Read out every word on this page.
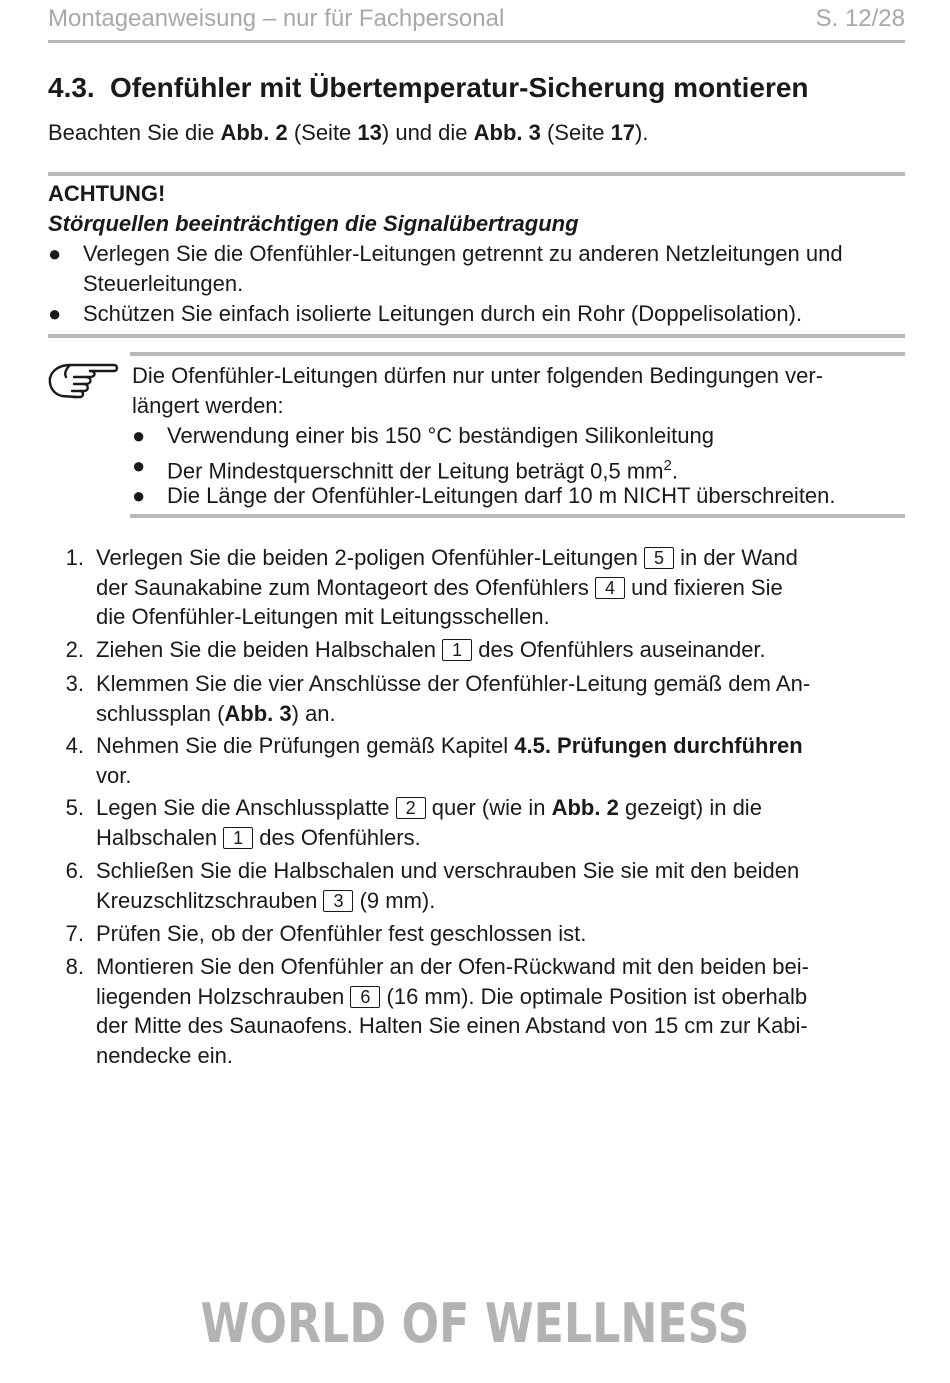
Montageanweisung – nur für Fachpersonal	S. 12/28
4.3. Ofenfühler mit Übertemperatur-Sicherung montieren
Beachten Sie die Abb. 2 (Seite 13) und die Abb. 3 (Seite 17).
ACHTUNG!
Störquellen beeinträchtigen die Signalübertragung
● Verlegen Sie die Ofenfühler-Leitungen getrennt zu anderen Netzleitungen und Steuerleitungen.
● Schützen Sie einfach isolierte Leitungen durch ein Rohr (Doppelisolation).
Die Ofenfühler-Leitungen dürfen nur unter folgenden Bedingungen ver-
längert werden:
● Verwendung einer bis 150 °C beständigen Silikonleitung
● Der Mindestquerschnitt der Leitung beträgt 0,5 $mm^2$.
● Die Länge der Ofenfühler-Leitungen darf 10 m NICHT überschreiten.
1. Verlegen Sie die beiden 2-poligen Ofenfühler-Leitungen 5 in der Wand
der Saunakabine zum Montageort des Ofenfühlers 4 und fixieren Sie
die Ofenfühler-Leitungen mit Leitungsschellen.
2. Ziehen Sie die beiden Halbschalen 1 des Ofenfühlers auseinander.
3. Klemmen Sie die vier Anschlüsse der Ofenfühler-Leitung gemäß dem An-
schlussplan (Abb. 3) an.
4. Nehmen Sie die Prüfungen gemäß Kapitel 4.5. Prüfungen durchführen
vor.
5. Legen Sie die Anschlussplatte 2 quer (wie in Abb. 2 gezeigt) in die
Halbschalen 1 des Ofenfühlers.
6. Schließen Sie die Halbschalen und verschrauben Sie sie mit den beiden
Kreuzschlitzschrauben 3 (9 mm).
7. Prüfen Sie, ob der Ofenfühler fest geschlossen ist.
8. Montieren Sie den Ofenfühler an der Ofen-Rückwand mit den beiden bei-
liegenden Holzschrauben 6 (16 mm). Die optimale Position ist oberhalb
der Mitte des Saunaofens. Halten Sie einen Abstand von 15 cm zur Kabi-
nendecke ein.
WORLD OF WELLNESS
